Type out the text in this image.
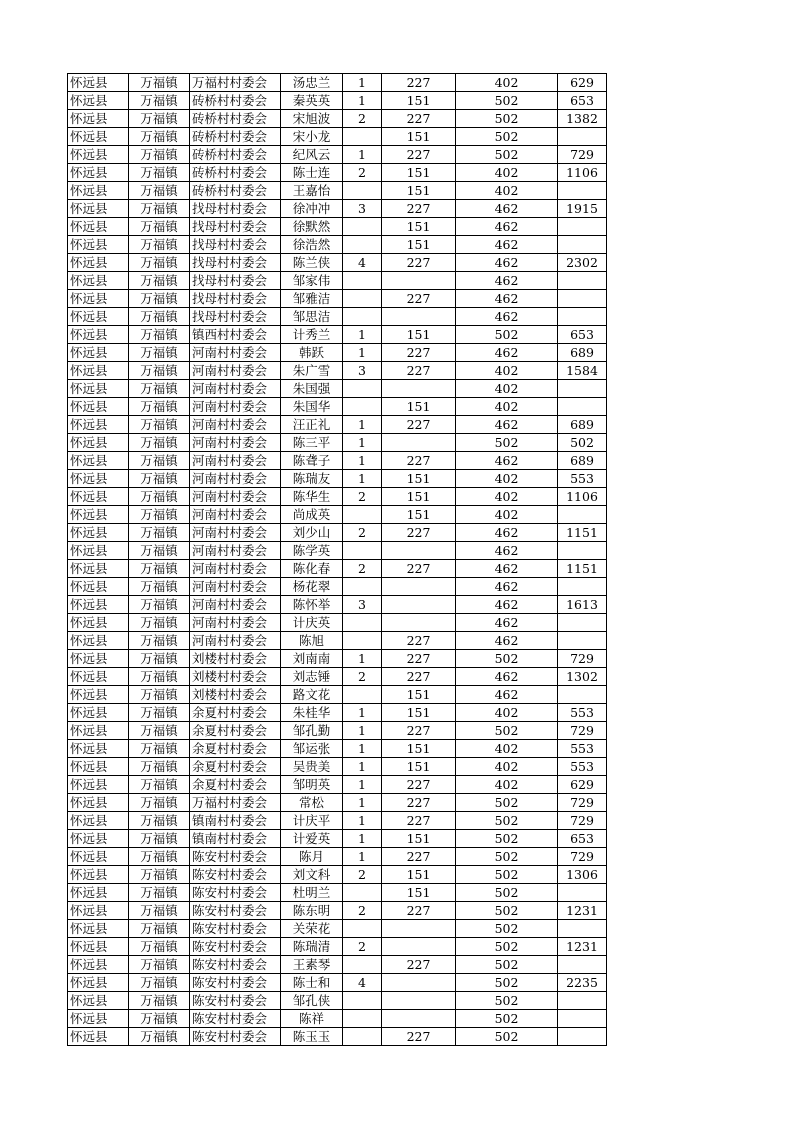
怀远县	万福镇	万福村村委会	汤忠兰	1	227	402	629
怀远县	万福镇	砖桥村村委会	秦英英	1	151	502	653
怀远县	万福镇	砖桥村村委会	宋旭波	2	227	502	1382
怀远县	万福镇	砖桥村村委会	宋小龙		151	502	
怀远县	万福镇	砖桥村村委会	纪风云	1	227	502	729
怀远县	万福镇	砖桥村村委会	陈士连	2	151	402	1106
怀远县	万福镇	砖桥村村委会	王嘉怡		151	402	
怀远县	万福镇	找母村村委会	徐冲冲	3	227	462	1915
怀远县	万福镇	找母村村委会	徐默然		151	462	
怀远县	万福镇	找母村村委会	徐浩然		151	462	
怀远县	万福镇	找母村村委会	陈兰侠	4	227	462	2302
怀远县	万福镇	找母村村委会	邹家伟			462	
怀远县	万福镇	找母村村委会	邹雅洁		227	462	
怀远县	万福镇	找母村村委会	邹思洁			462	
怀远县	万福镇	镇西村村委会	计秀兰	1	151	502	653
怀远县	万福镇	河南村村委会	韩跃	1	227	462	689
怀远县	万福镇	河南村村委会	朱广雪	3	227	402	1584
怀远县	万福镇	河南村村委会	朱国强			402	
怀远县	万福镇	河南村村委会	朱国华		151	402	
怀远县	万福镇	河南村村委会	汪正礼	1	227	462	689
怀远县	万福镇	河南村村委会	陈三平	1		502	502
怀远县	万福镇	河南村村委会	陈聋子	1	227	462	689
怀远县	万福镇	河南村村委会	陈瑞友	1	151	402	553
怀远县	万福镇	河南村村委会	陈华生	2	151	402	1106
怀远县	万福镇	河南村村委会	尚成英		151	402	
怀远县	万福镇	河南村村委会	刘少山	2	227	462	1151
怀远县	万福镇	河南村村委会	陈学英			462	
怀远县	万福镇	河南村村委会	陈化春	2	227	462	1151
怀远县	万福镇	河南村村委会	杨花翠			462	
怀远县	万福镇	河南村村委会	陈怀举	3		462	1613
怀远县	万福镇	河南村村委会	计庆英			462	
怀远县	万福镇	河南村村委会	陈旭		227	462	
怀远县	万福镇	刘楼村村委会	刘南南	1	227	502	729
怀远县	万福镇	刘楼村村委会	刘志锤	2	227	462	1302
怀远县	万福镇	刘楼村村委会	路文花		151	462	
怀远县	万福镇	余夏村村委会	朱桂华	1	151	402	553
怀远县	万福镇	余夏村村委会	邹孔勤	1	227	502	729
怀远县	万福镇	余夏村村委会	邹运张	1	151	402	553
怀远县	万福镇	余夏村村委会	吴贵美	1	151	402	553
怀远县	万福镇	余夏村村委会	邹明英	1	227	402	629
怀远县	万福镇	万福村村委会	常松	1	227	502	729
怀远县	万福镇	镇南村村委会	计庆平	1	227	502	729
怀远县	万福镇	镇南村村委会	计爱英	1	151	502	653
怀远县	万福镇	陈安村村委会	陈月	1	227	502	729
怀远县	万福镇	陈安村村委会	刘文科	2	151	502	1306
怀远县	万福镇	陈安村村委会	杜明兰		151	502	
怀远县	万福镇	陈安村村委会	陈东明	2	227	502	1231
怀远县	万福镇	陈安村村委会	关荣花			502	
怀远县	万福镇	陈安村村委会	陈瑞清	2		502	1231
怀远县	万福镇	陈安村村委会	王素琴		227	502	
怀远县	万福镇	陈安村村委会	陈士和	4		502	2235
怀远县	万福镇	陈安村村委会	邹孔侠			502	
怀远县	万福镇	陈安村村委会	陈祥			502	
怀远县	万福镇	陈安村村委会	陈玉玉		227	502	
